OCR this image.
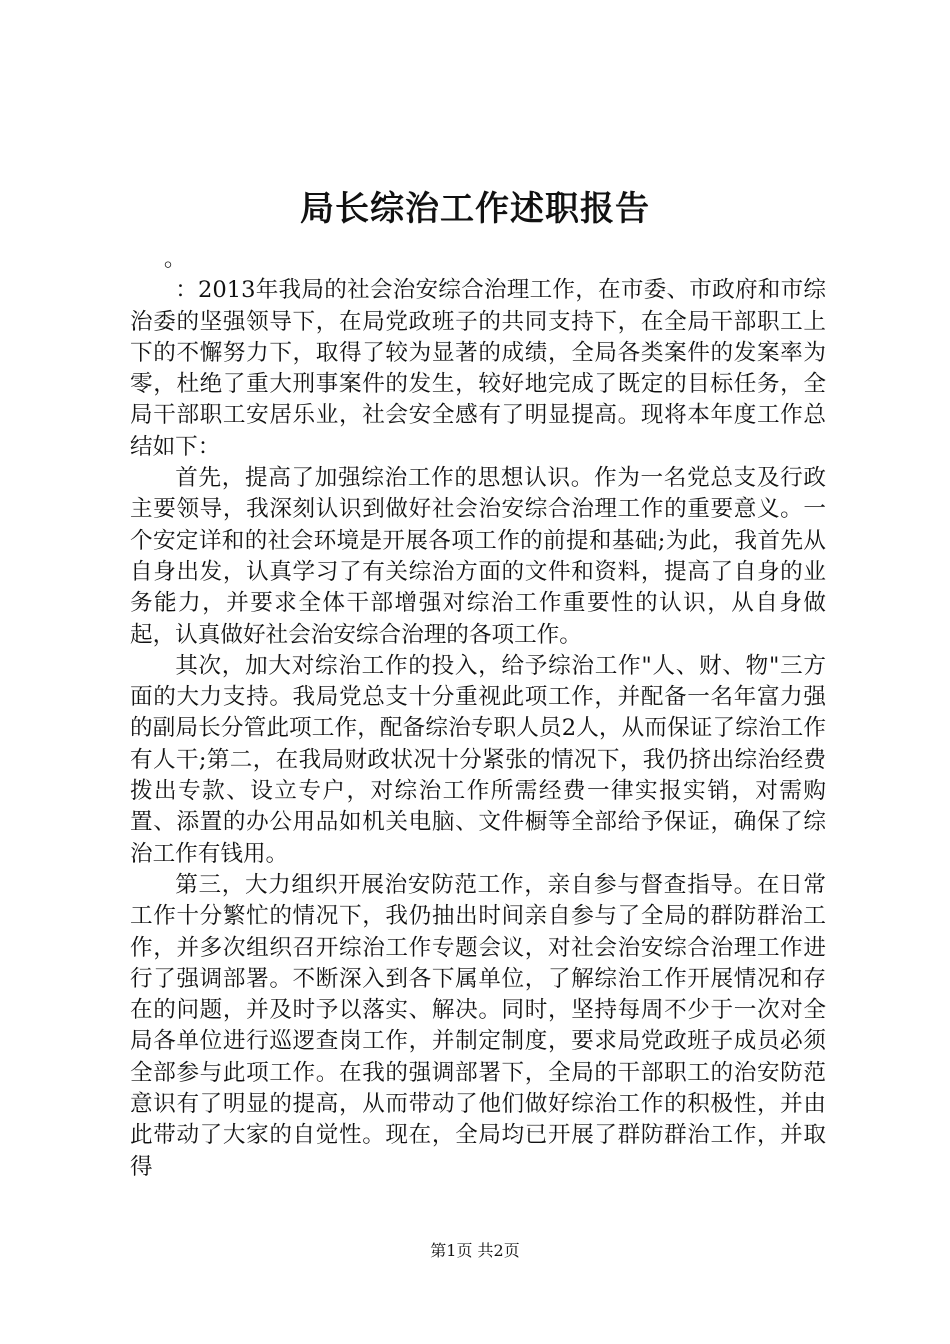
局长综治工作述职报告

。

：2013年我局的社会治安综合治理工作，在市委、市政府和市综治委的坚强领导下，在局党政班子的共同支持下，在全局干部职工上下的不懈努力下，取得了较为显著的成绩，全局各类案件的发案率为零，杜绝了重大刑事案件的发生，较好地完成了既定的目标任务，全局干部职工安居乐业，社会安全感有了明显提高。现将本年度工作总结如下：

首先，提高了加强综治工作的思想认识。作为一名党总支及行政主要领导，我深刻认识到做好社会治安综合治理工作的重要意义。一个安定详和的社会环境是开展各项工作的前提和基础;为此，我首先从自身出发，认真学习了有关综治方面的文件和资料，提高了自身的业务能力，并要求全体干部增强对综治工作重要性的认识，从自身做起，认真做好社会治安综合治理的各项工作。

其次，加大对综治工作的投入，给予综治工作"人、财、物"三方面的大力支持。我局党总支十分重视此项工作，并配备一名年富力强的副局长分管此项工作，配备综治专职人员2人，从而保证了综治工作有人干;第二，在我局财政状况十分紧张的情况下，我仍挤出综治经费拨出专款、设立专户，对综治工作所需经费一律实报实销，对需购置、添置的办公用品如机关电脑、文件橱等全部给予保证，确保了综治工作有钱用。

第三，大力组织开展治安防范工作，亲自参与督查指导。在日常工作十分繁忙的情况下，我仍抽出时间亲自参与了全局的群防群治工作，并多次组织召开综治工作专题会议，对社会治安综合治理工作进行了强调部署。不断深入到各下属单位，了解综治工作开展情况和存在的问题，并及时予以落实、解决。同时，坚持每周不少于一次对全局各单位进行巡逻查岗工作，并制定制度，要求局党政班子成员必须全部参与此项工作。在我的强调部署下，全局的干部职工的治安防范意识有了明显的提高，从而带动了他们做好综治工作的积极性，并由此带动了大家的自觉性。现在，全局均已开展了群防群治工作，并取得

第1页 共2页
